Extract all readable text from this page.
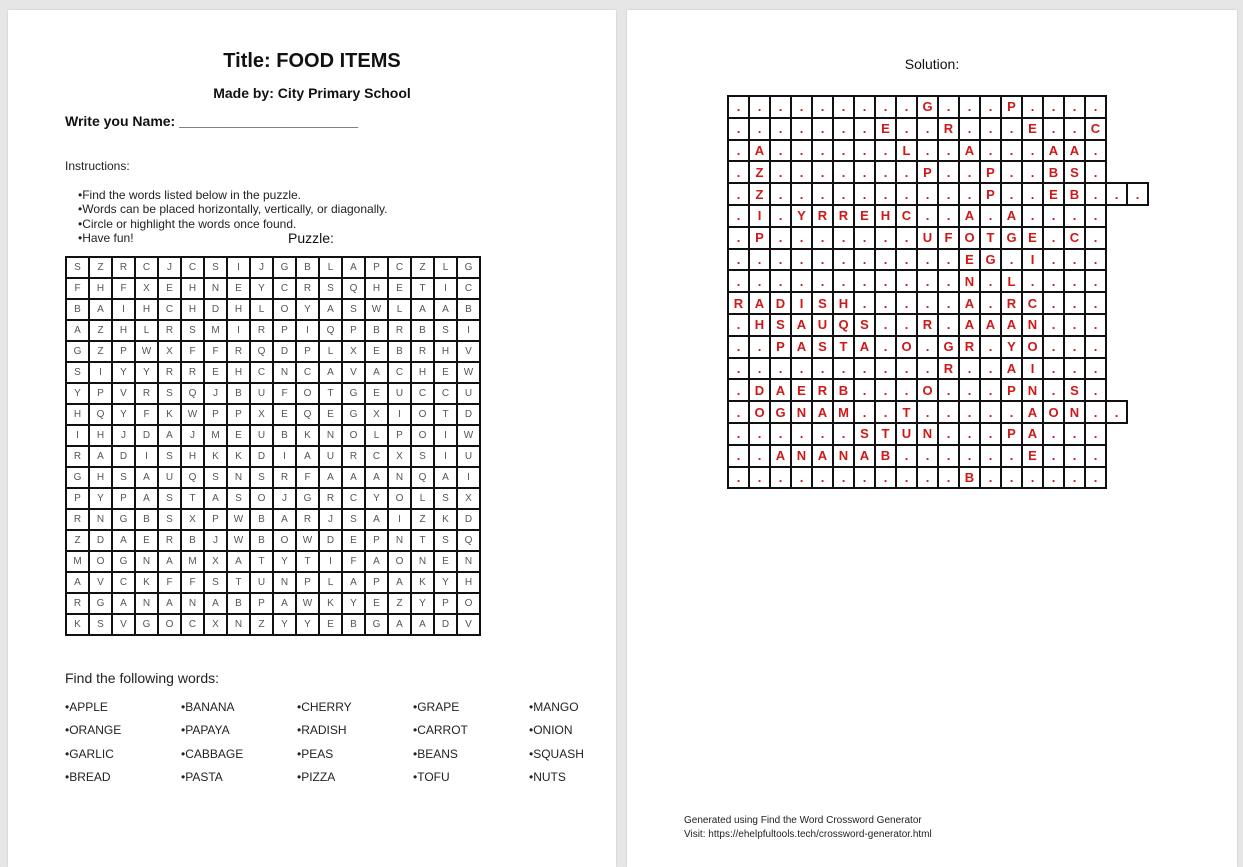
Title: FOOD ITEMS
Made by: City Primary School
Write you Name: _______________________
Instructions:
• Find the words listed below in the puzzle.
• Words can be placed horizontally, vertically, or diagonally.
• Circle or highlight the words once found.
• Have fun!	Puzzle:
S	Z	R	C	J	C	S	I	J	G	B	L	A	P	C	Z	L	G
F	H	F	X	E	H	N	E	Y	C	R	S	Q	H	E	T	I	C
B	A	I	H	C	H	D	H	L	O	Y	A	S	W	L	A	A	B
A	Z	H	L	R	S	M	I	R	P	I	Q	P	B	R	B	S	I
G	Z	P	W	X	F	F	R	Q	D	P	L	X	E	B	R	H	V
S	I	Y	Y	R	R	E	H	C	N	C	A	V	A	C	H	E	W
Y	P	V	R	S	Q	J	B	U	F	O	T	G	E	U	C	C	U
H	Q	Y	F	K	W	P	P	X	E	Q	E	G	X	I	O	T	D
I	H	J	D	A	J	M	E	U	B	K	N	O	L	P	O	I	W
R	A	D	I	S	H	K	K	D	I	A	U	R	C	X	S	I	U
G	H	S	A	U	Q	S	N	S	R	F	A	A	A	N	Q	A	I
P	Y	P	A	S	T	A	S	O	J	G	R	C	Y	O	L	S	X
R	N	G	B	S	X	P	W	B	A	R	J	S	A	I	Z	K	D
Z	D	A	E	R	B	J	W	B	O	W	D	E	P	N	T	S	Q
M	O	G	N	A	M	X	A	T	Y	T	I	F	A	O	N	E	N
A	V	C	K	F	F	S	T	U	N	P	L	A	P	A	K	Y	H
R	G	A	N	A	N	A	B	P	A	W	K	Y	E	Z	Y	P	O
K	S	V	G	O	C	X	N	Z	Y	Y	E	B	G	A	A	D	V
Find the following words:
• APPLE	• BANANA	• CHERRY	• GRAPE	• MANGO
• ORANGE	• PAPAYA	• RADISH	• CARROT	• ONION
• GARLIC	• CABBAGE	• PEAS	• BEANS	• SQUASH
• BREAD	• PASTA	• PIZZA	• TOFU	• NUTS
Solution:
.	.	.	.	.	.	.	.	.	G	.	.	.	P	.	.	.	.		
.	.	.	.	.	.	.	E	.	.	R	.	.	.	E	.	.	C		
.	A	.	.	.	.	.	.	L	.	.	A	.	.	.	A	A	.		
.	Z	.	.	.	.	.	.	.	P	.	.	P	.	.	B	S	.		
.	Z	.	.	.	.	.	.	.	.	.	.	P	.	.	E	B	.	.	.
.	I	.	Y	R	R	E	H	C	.	.	A	.	A	.	.	.	.		
.	P	.	.	.	.	.	.	.	U	F	O	T	G	E	.	C	.		
.	.	.	.	.	.	.	.	.	.	.	E	G	.	I	.	.	.		
.	.	.	.	.	.	.	.	.	.	.	N	.	L	.	.	.	.		
R	A	D	I	S	H	.	.	.	.	.	A	.	R	C	.	.	.		
.	H	S	A	U	Q	S	.	.	R	.	A	A	A	N	.	.	.		
.	.	P	A	S	T	A	.	O	.	G	R	.	Y	O	.	.	.		
.	.	.	.	.	.	.	.	.	.	R	.	.	A	I	.	.	.		
.	D	A	E	R	B	.	.	.	O	.	.	.	P	N	.	S	.		
.	O	G	N	A	M	.	.	T	.	.	.	.	.	A	O	N	.	.	
.	.	.	.	.	.	S	T	U	N	.	.	.	P	A	.	.	.		
.	.	A	N	A	N	A	B	.	.	.	.	.	.	E	.	.	.		
.	.	.	.	.	.	.	.	.	.	.	B	.	.	.	.	.	.		
Generated using Find the Word Crossword Generator
Visit: https://ehelpfultools.tech/crossword-generator.html
